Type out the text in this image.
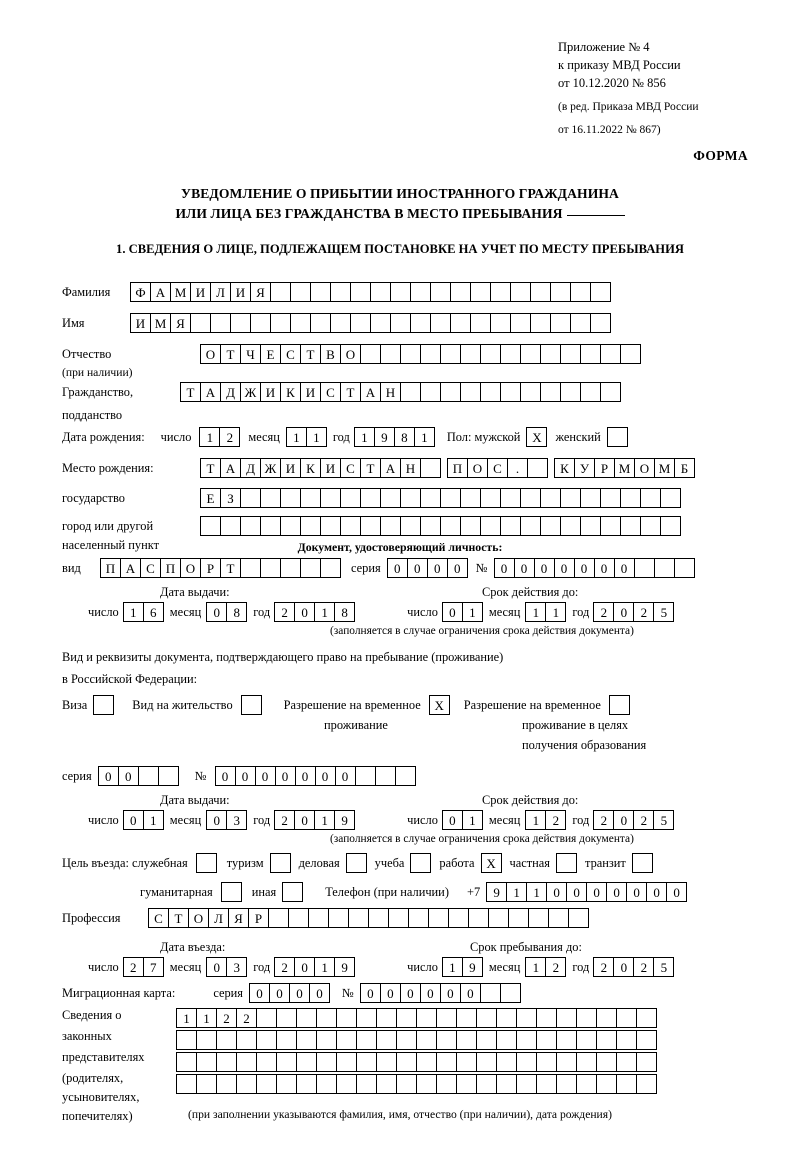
Приложение № 4
к приказу МВД России
от 10.12.2020 № 856
(в ред. Приказа МВД России
от 16.11.2022 № 867)
ФОРМА
УВЕДОМЛЕНИЕ О ПРИБЫТИИ ИНОСТРАННОГО ГРАЖДАНИНА
ИЛИ ЛИЦА БЕЗ ГРАЖДАНСТВА В МЕСТО ПРЕБЫВАНИЯ
1. СВЕДЕНИЯ О ЛИЦЕ, ПОДЛЕЖАЩЕМ ПОСТАНОВКЕ НА УЧЕТ ПО МЕСТУ ПРЕБЫВАНИЯ
Фамилия	Ф А М И Л И Я
Имя	И М Я
Отчество	О Т Ч Е С Т В О
(при наличии)
Гражданство,	Т А Д Ж И К И С Т А Н
подданство
Дата рождения: число	1	2	месяц	1	1	год 1	9	8	1	Пол: мужской X	женский
Место рождения:	Т А Д Ж И К И С Т А Н	П О С	.	К У Р М О М Б
государство	Е З
город или другой
населенный пункт	Документ, удостоверяющий личность:
вид	П А С П О Р Т	серия	0	0	0	0	№	0	0	0	0	0	0	0
Дата выдачи:	Срок действия до:
число 1	6	месяц 0	8	год 2	0	1	8	число 0	1	месяц 1	1	год 2	0	2	5
(заполняется в случае ограничения срока действия документа)
Вид и реквизиты документа, подтверждающего право на пребывание (проживание)
в Российской Федерации:
Виза	Вид на жительство	Разрешение на временное	X	Разрешение на временное
проживание	проживание в целях
получения образования
серия	0	0	№	0	0	0	0	0	0	0
Дата выдачи:	Срок действия до:
число 0	1	месяц 0	3	год 2	0	1	9	число 0	1	месяц 1	2	год 2	0	2	5
(заполняется в случае ограничения срока действия документа)
Цель въезда: служебная	туризм	деловая	учеба	работа X	частная	транзит
гуманитарная	иная	Телефон (при наличии) +7	9	1	1	0	0	0	0	0	0	0
Профессия	С Т О Л Я Р
Дата въезда:	Срок пребывания до:
число 2	7	месяц 0	3	год 2	0	1	9	число 1	9	месяц 1	2	год 2	0	2	5
Миграционная карта:	серия	0	0	0	0	№	0	0	0	0	0	0
Сведения о
законных
представителях
(родителях,
усыновителях,
попечителях)
1	1	2	2
(при заполнении указываются фамилия, имя, отчество (при наличии), дата рождения)
